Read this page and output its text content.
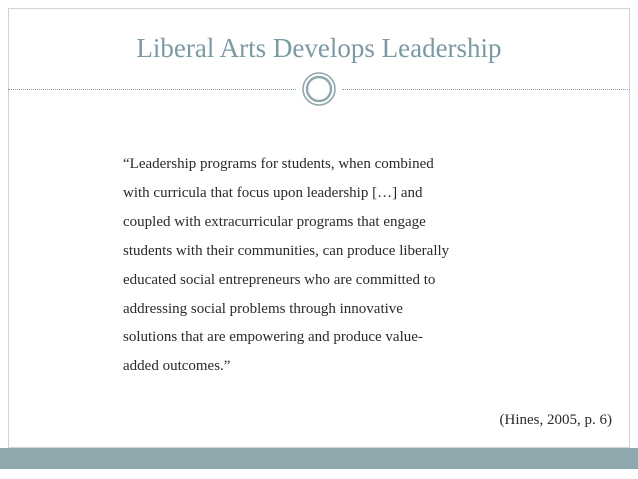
Liberal Arts Develops Leadership

“Leadership programs for students, when combined
with curricula that focus upon leadership […] and
coupled with extracurricular programs that engage
students with their communities, can produce liberally
educated social entrepreneurs who are committed to
addressing social problems through innovative
solutions that are empowering and produce value-
added outcomes.”

(Hines, 2005, p. 6)
